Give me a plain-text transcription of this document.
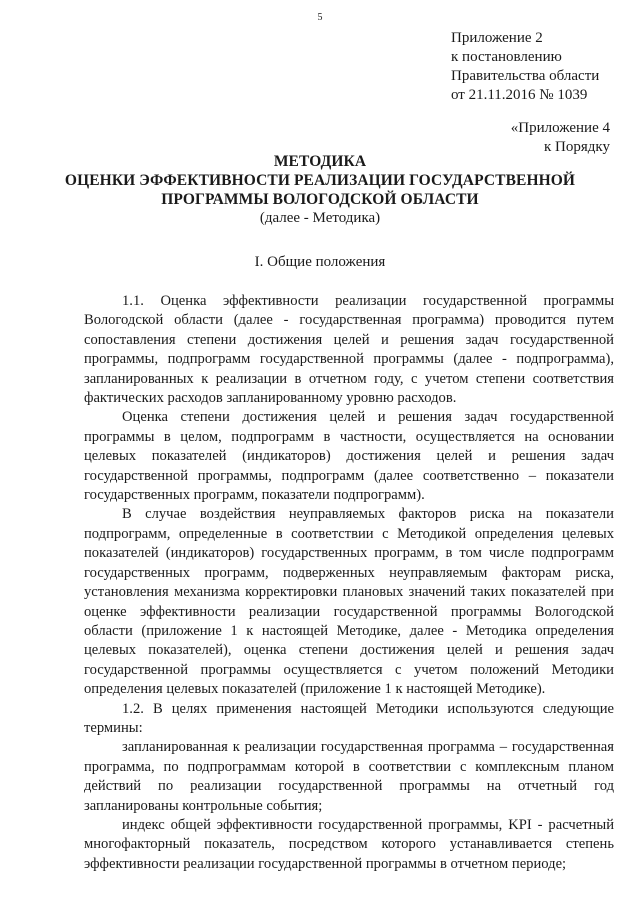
5
Приложение 2
к постановлению
Правительства области
от 21.11.2016 № 1039
«Приложение 4
к Порядку
МЕТОДИКА
ОЦЕНКИ ЭФФЕКТИВНОСТИ РЕАЛИЗАЦИИ ГОСУДАРСТВЕННОЙ
ПРОГРАММЫ ВОЛОГОДСКОЙ ОБЛАСТИ
(далее - Методика)
I. Общие положения

1.1. Оценка эффективности реализации государственной программы Вологодской области (далее - государственная программа) проводится путем сопоставления степени достижения целей и решения задач государственной программы, подпрограмм государственной программы (далее - подпрограмма), запланированных к реализации в отчетном году, с учетом степени соответствия фактических расходов запланированному уровню расходов.

Оценка степени достижения целей и решения задач государственной программы в целом, подпрограмм в частности, осуществляется на основании целевых показателей (индикаторов) достижения целей и решения задач государственной программы, подпрограмм (далее соответственно – показатели государственных программ, показатели подпрограмм).

В случае воздействия неуправляемых факторов риска на показатели подпрограмм, определенные в соответствии с Методикой определения целевых показателей (индикаторов) государственных программ, в том числе подпрограмм государственных программ, подверженных неуправляемым факторам риска, установления механизма корректировки плановых значений таких показателей при оценке эффективности реализации государственной программы Вологодской области (приложение 1 к настоящей Методике, далее - Методика определения целевых показателей), оценка степени достижения целей и решения задач государственной программы осуществляется с учетом положений Методики определения целевых показателей (приложение 1 к настоящей Методике).

1.2. В целях применения настоящей Методики используются следующие термины:

запланированная к реализации государственная программа – государственная программа, по подпрограммам которой в соответствии с комплексным планом действий по реализации государственной программы на отчетный год запланированы контрольные события;

индекс общей эффективности государственной программы, KPI - расчетный многофакторный показатель, посредством которого устанавливается степень эффективности реализации государственной программы в отчетном периоде;
